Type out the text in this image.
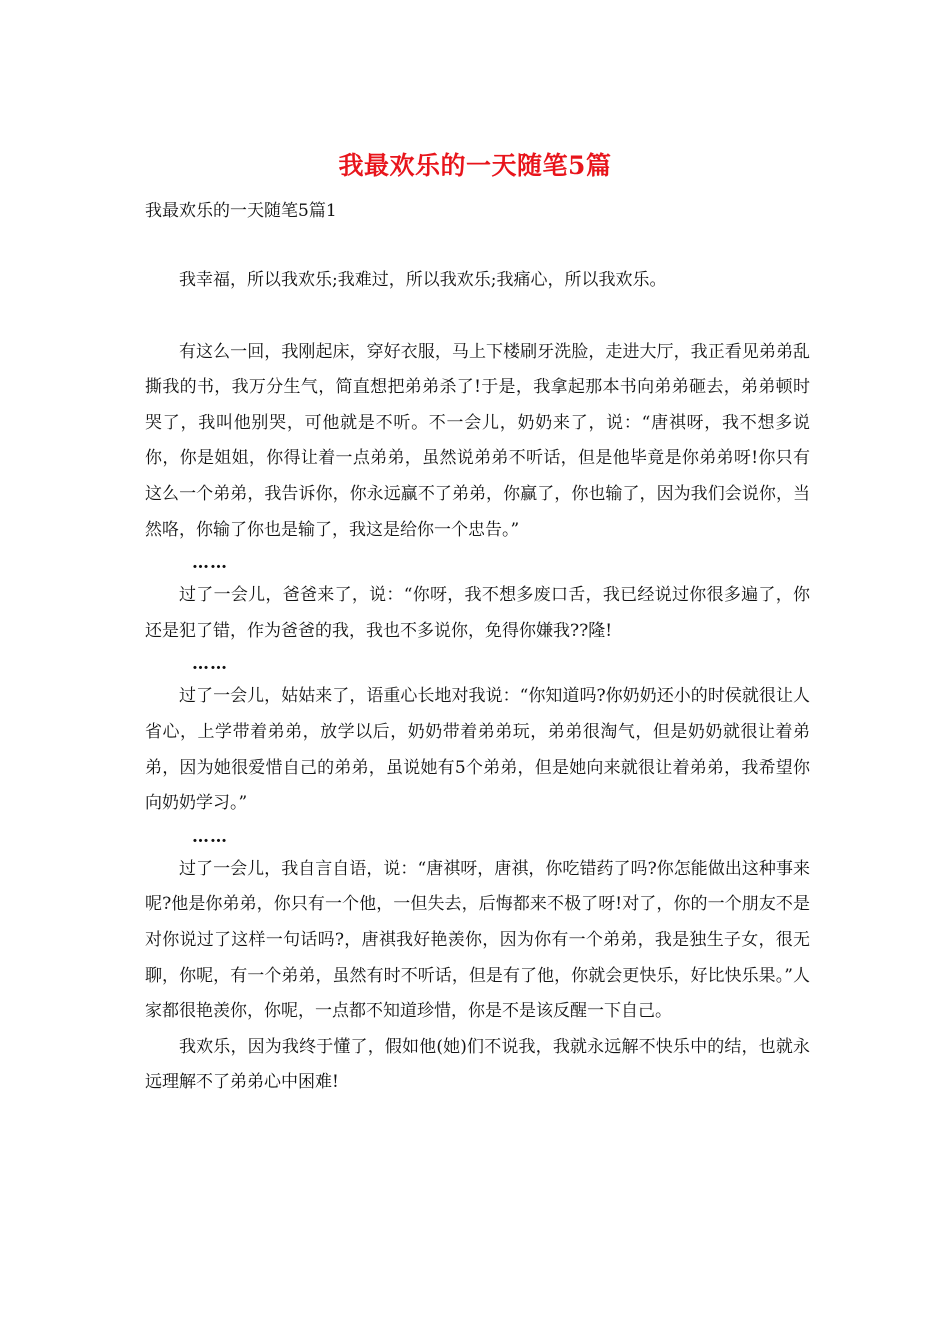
我最欢乐的一天随笔5篇
我最欢乐的一天随笔5篇1

我幸福，所以我欢乐;我难过，所以我欢乐;我痛心，所以我欢乐。

有这么一回，我刚起床，穿好衣服，马上下楼刷牙洗脸，走进大厅，我正看见弟弟乱撕我的书，我万分生气，简直想把弟弟杀了!于是，我拿起那本书向弟弟砸去，弟弟顿时哭了，我叫他别哭，可他就是不听。不一会儿，奶奶来了，说：“唐祺呀，我不想多说你，你是姐姐，你得让着一点弟弟，虽然说弟弟不听话，但是他毕竟是你弟弟呀!你只有这么一个弟弟，我告诉你，你永远赢不了弟弟，你赢了，你也输了，因为我们会说你，当然咯，你输了你也是输了，我这是给你一个忠告。”

……

过了一会儿，爸爸来了，说：“你呀，我不想多废口舌，我已经说过你很多遍了，你还是犯了错，作为爸爸的我，我也不多说你，免得你嫌我??隆!

……

过了一会儿，姑姑来了，语重心长地对我说：“你知道吗?你奶奶还小的时侯就很让人省心，上学带着弟弟，放学以后，奶奶带着弟弟玩，弟弟很淘气，但是奶奶就很让着弟弟，因为她很爱惜自己的弟弟，虽说她有5个弟弟，但是她向来就很让着弟弟，我希望你向奶奶学习。”

……

过了一会儿，我自言自语，说：“唐祺呀，唐祺，你吃错药了吗?你怎能做出这种事来呢?他是你弟弟，你只有一个他，一但失去，后悔都来不极了呀!对了，你的一个朋友不是对你说过了这样一句话吗?，唐祺我好艳羡你，因为你有一个弟弟，我是独生子女，很无聊，你呢，有一个弟弟，虽然有时不听话，但是有了他，你就会更快乐，好比快乐果。”人家都很艳羡你，你呢，一点都不知道珍惜，你是不是该反醒一下自己。

我欢乐，因为我终于懂了，假如他(她)们不说我，我就永远解不快乐中的结，也就永远理解不了弟弟心中困难!
